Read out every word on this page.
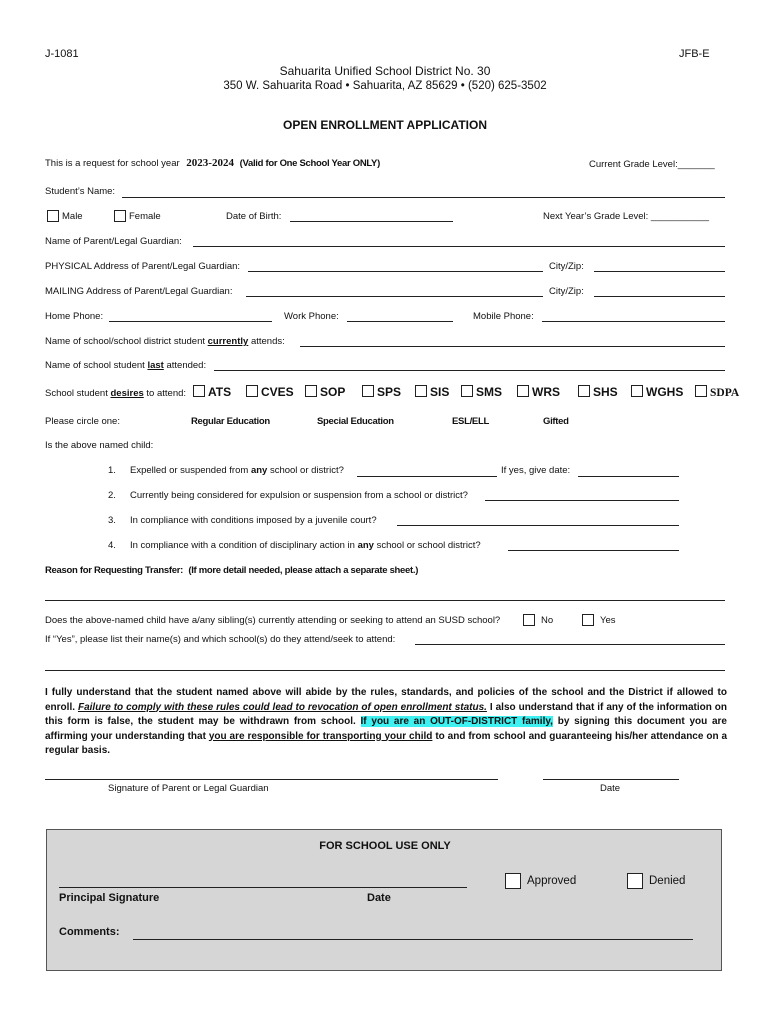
J-1081	JFB-E
Sahuarita Unified School District No. 30
350 W. Sahuarita Road • Sahuarita, AZ 85629 • (520) 625-3502
OPEN ENROLLMENT APPLICATION
This is a request for school year 2023-2024 (Valid for One School Year ONLY)	Current Grade Level:_______
Student’s Name:
Male	Female	Date of Birth:	Next Year’s Grade Level: ___________
Name of Parent/Legal Guardian:
PHYSICAL Address of Parent/Legal Guardian:	City/Zip:
MAILING Address of Parent/Legal Guardian:	City/Zip:
Home Phone:	Work Phone:	Mobile Phone:
Name of school/school district student currently attends:
Name of school student last attended:
School student desires to attend:	ATS	CVES	SOP	SPS	SIS	SMS	WRS	SHS	WGHS	SDPA
Please circle one:	Regular Education	Special Education	ESL/ELL	Gifted
Is the above named child:
1. Expelled or suspended from any school or district?	If yes, give date:
2. Currently being considered for expulsion or suspension from a school or district?
3. In compliance with conditions imposed by a juvenile court?
4. In compliance with a condition of disciplinary action in any school or school district?
Reason for Requesting Transfer: (If more detail needed, please attach a separate sheet.)
Does the above-named child have a/any sibling(s) currently attending or seeking to attend an SUSD school?	No	Yes
If “Yes”, please list their name(s) and which school(s) do they attend/seek to attend:
I fully understand that the student named above will abide by the rules, standards, and policies of the school and the District if allowed to enroll. Failure to comply with these rules could lead to revocation of open enrollment status. I also understand that if any of the information on this form is false, the student may be withdrawn from school. If you are an OUT-OF-DISTRICT family, by signing this document you are affirming your understanding that you are responsible for transporting your child to and from school and guaranteeing his/her attendance on a regular basis.
Signature of Parent or Legal Guardian	Date
FOR SCHOOL USE ONLY
Approved	Denied
Principal Signature	Date
Comments:
